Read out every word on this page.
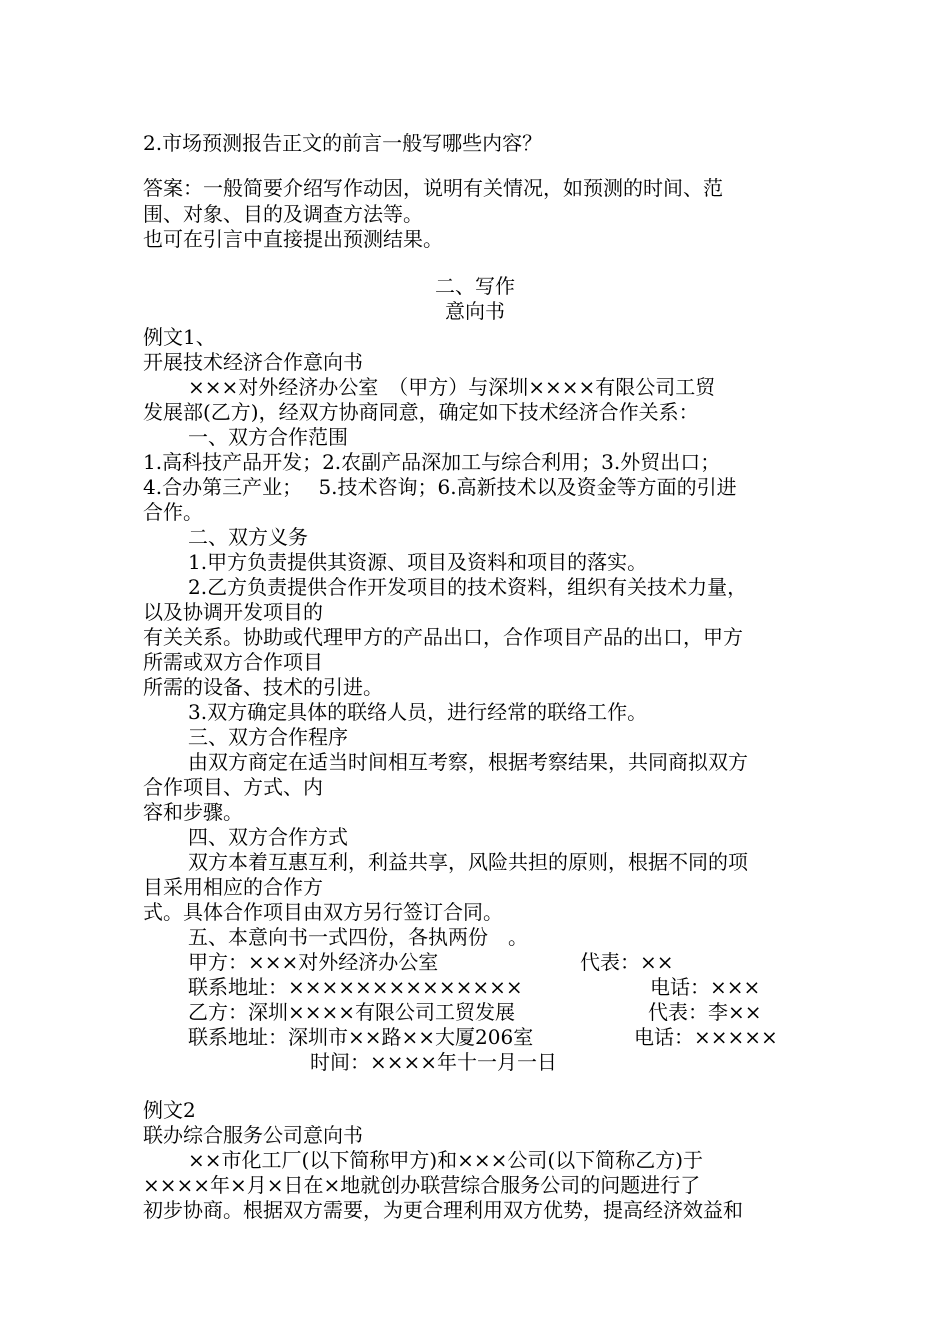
2.市场预测报告正文的前言一般写哪些内容？
答案：一般简要介绍写作动因，说明有关情况，如预测的时间、范
围、对象、目的及调查方法等。
也可在引言中直接提出预测结果。
二、写作
意向书
例文1、
开展技术经济合作意向书
×××对外经济办公室　（甲方）与深圳××××有限公司工贸
发展部(乙方)，经双方协商同意，确定如下技术经济合作关系：
一、双方合作范围
1.高科技产品开发；2.农副产品深加工与综合利用；3.外贸出口；
4.合办第三产业；　 5.技术咨询；6.高新技术以及资金等方面的引进
合作。
二、双方义务
1.甲方负责提供其资源、项目及资料和项目的落实。
2.乙方负责提供合作开发项目的技术资料，组织有关技术力量，
以及协调开发项目的
有关关系。协助或代理甲方的产品出口，合作项目产品的出口，甲方
所需或双方合作项目
所需的设备、技术的引进。
3.双方确定具体的联络人员，进行经常的联络工作。
三、双方合作程序
由双方商定在适当时间相互考察，根据考察结果，共同商拟双方
合作项目、方式、内
容和步骤。
四、双方合作方式
双方本着互惠互利，利益共享，风险共担的原则，根据不同的项
目采用相应的合作方
式。具体合作项目由双方另行签订合同。
五、本意向书一式四份，各执两份　。
甲方：×××对外经济办公室	代表：××
联系地址：××××××××××××××	电话：×××
乙方：深圳××××有限公司工贸发展	代表：李××
联系地址：深圳市××路××大厦206室	电话：×××××
时间：××××年十一月一日
例文2
联办综合服务公司意向书
××市化工厂(以下简称甲方)和×××公司(以下简称乙方)于
××××年×月×日在×地就创办联营综合服务公司的问题进行了
初步协商。根据双方需要，为更合理利用双方优势，提高经济效益和
